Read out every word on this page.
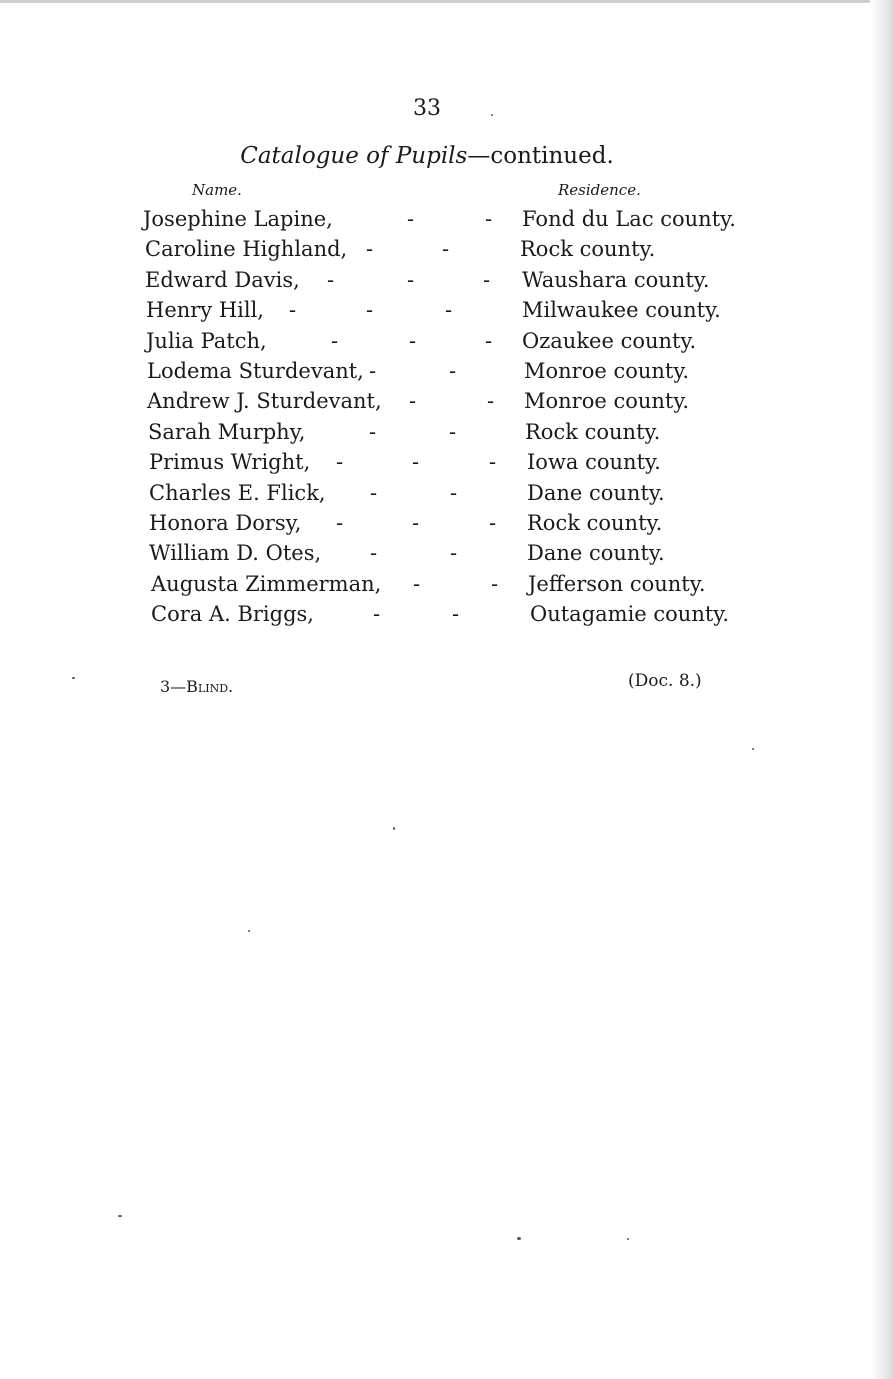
33
Catalogue of Pupils—continued.
Name.	Residence.
Josephine Lapine,	-	- Fond du Lac county.
Caroline Highland, -	-	Rock county.
Edward Davis, -	-	- Waushara county.
Henry Hill, -	-	-	Milwaukee county.
Julia Patch,	-	-	- Ozaukee county.
Lodema Sturdevant, -	-	Monroe county.
Andrew J. Sturdevant, -	- Monroe county.
Sarah Murphy,	-	-	Rock county.
Primus Wright, -	-	- Iowa county.
Charles E. Flick, -	-	Dane county.
Honora Dorsy, -	-	- Rock county.
William D. Otes, -	-	Dane county.
Augusta Zimmerman, -	- Jefferson county.
Cora A. Briggs,	-	-	Outagamie county.
3—Blind.	(Doc. 8.)
